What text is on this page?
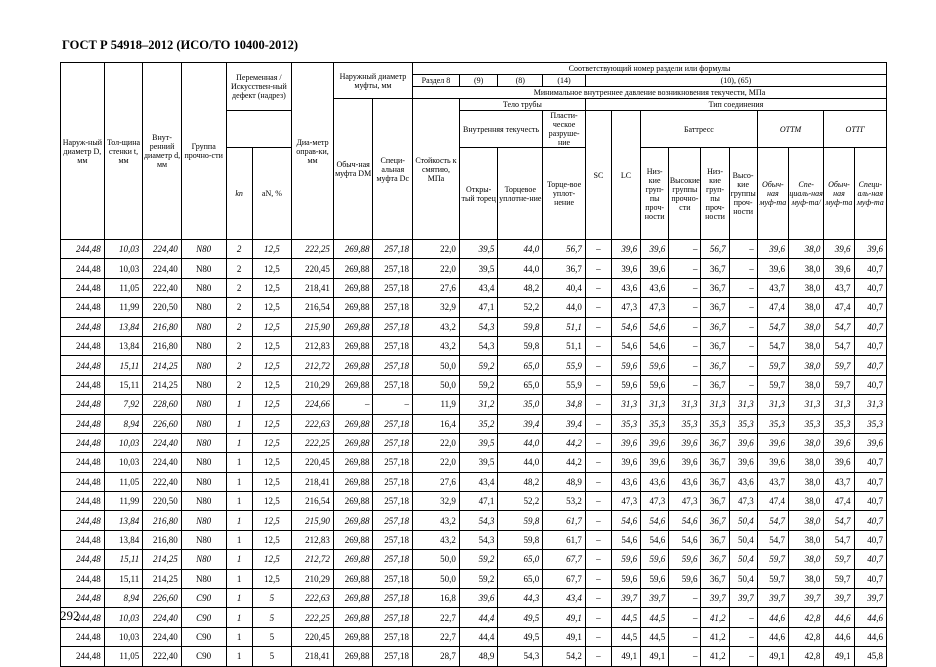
ГОСТ Р 54918–2012 (ИСО/ТО 10400-2012)
Наруж-ный диаметр D, мм	Тол-щина стенки t, мм	Внут-ренний диаметр d, мм	Группа прочно-сти	Переменная /Искусствен-ный дефект (надрез)		Диа-метр оправ-ки, мм	Наружный диаметр муфты, мм		Соответствующий номер раздели или формулы													
									Раздел 8	(9)	(8)	(14)	(10), (65)									
									Минимальное внутреннее давление возникновения текучести, МПа													
							Обыч-ная муфта DM	Специ-альная муфта Dc	Стойкость к смятию, МПа	Тело трубы			Тип соединения									
										Внутренняя текучесть		Пласти-ческое разруше-ние	SC	LC	Баттресс				ОТТМ		ОТТГ	
				kn	aN, %					Откры-тый торец	Торцевое уплотне-ние	Торце-вое уплот-нение			Низ-кие груп-пы проч-ности	Высокие группы прочно-сти	Низ-кие груп-пы проч-ности	Высо-кие группы проч-ности	Обыч-ная муф-та	Спе-циаль-ная муф-та/	Обыч-ная муф-та	Специ-аль-ная муф-та
244,48	10,03	224,40	N80	2	12,5	222,25	269,88	257,18	22,0	39,5	44,0	56,7	–	39,6	39,6	–	56,7	–	39,6	38,0	39,6	39,6
244,48	10,03	224,40	N80	2	12,5	220,45	269,88	257,18	22,0	39,5	44,0	36,7	–	39,6	39,6	–	36,7	–	39,6	38,0	39,6	40,7
244,48	11,05	222,40	N80	2	12,5	218,41	269,88	257,18	27,6	43,4	48,2	40,4	–	43,6	43,6	–	36,7	–	43,7	38,0	43,7	40,7
244,48	11,99	220,50	N80	2	12,5	216,54	269,88	257,18	32,9	47,1	52,2	44,0	–	47,3	47,3	–	36,7	–	47,4	38,0	47,4	40,7
244,48	13,84	216,80	N80	2	12,5	215,90	269,88	257,18	43,2	54,3	59,8	51,1	–	54,6	54,6	–	36,7	–	54,7	38,0	54,7	40,7
244,48	13,84	216,80	N80	2	12,5	212,83	269,88	257,18	43,2	54,3	59,8	51,1	–	54,6	54,6	–	36,7	–	54,7	38,0	54,7	40,7
244,48	15,11	214,25	N80	2	12,5	212,72	269,88	257,18	50,0	59,2	65,0	55,9	–	59,6	59,6	–	36,7	–	59,7	38,0	59,7	40,7
244,48	15,11	214,25	N80	2	12,5	210,29	269,88	257,18	50,0	59,2	65,0	55,9	–	59,6	59,6	–	36,7	–	59,7	38,0	59,7	40,7
244,48	7,92	228,60	N80	1	12,5	224,66	–	–	11,9	31,2	35,0	34,8	–	31,3	31,3	31,3	31,3	31,3	31,3	31,3	31,3	31,3
244,48	8,94	226,60	N80	1	12,5	222,63	269,88	257,18	16,4	35,2	39,4	39,4	–	35,3	35,3	35,3	35,3	35,3	35,3	35,3	35,3	35,3
244,48	10,03	224,40	N80	1	12,5	222,25	269,88	257,18	22,0	39,5	44,0	44,2	–	39,6	39,6	39,6	36,7	39,6	39,6	38,0	39,6	39,6
244,48	10,03	224,40	N80	1	12,5	220,45	269,88	257,18	22,0	39,5	44,0	44,2	–	39,6	39,6	39,6	36,7	39,6	39,6	38,0	39,6	40,7
244,48	11,05	222,40	N80	1	12,5	218,41	269,88	257,18	27,6	43,4	48,2	48,9	–	43,6	43,6	43,6	36,7	43,6	43,7	38,0	43,7	40,7
244,48	11,99	220,50	N80	1	12,5	216,54	269,88	257,18	32,9	47,1	52,2	53,2	–	47,3	47,3	47,3	36,7	47,3	47,4	38,0	47,4	40,7
244,48	13,84	216,80	N80	1	12,5	215,90	269,88	257,18	43,2	54,3	59,8	61,7	–	54,6	54,6	54,6	36,7	50,4	54,7	38,0	54,7	40,7
244,48	13,84	216,80	N80	1	12,5	212,83	269,88	257,18	43,2	54,3	59,8	61,7	–	54,6	54,6	54,6	36,7	50,4	54,7	38,0	54,7	40,7
244,48	15,11	214,25	N80	1	12,5	212,72	269,88	257,18	50,0	59,2	65,0	67,7	–	59,6	59,6	59,6	36,7	50,4	59,7	38,0	59,7	40,7
244,48	15,11	214,25	N80	1	12,5	210,29	269,88	257,18	50,0	59,2	65,0	67,7	–	59,6	59,6	59,6	36,7	50,4	59,7	38,0	59,7	40,7
244,48	8,94	226,60	C90	1	5	222,63	269,88	257,18	16,8	39,6	44,3	43,4	–	39,7	39,7	–	39,7	39,7	39,7	39,7	39,7	39,7
244,48	10,03	224,40	C90	1	5	222,25	269,88	257,18	22,7	44,4	49,5	49,1	–	44,5	44,5	–	41,2	–	44,6	42,8	44,6	44,6
244,48	10,03	224,40	C90	1	5	220,45	269,88	257,18	22,7	44,4	49,5	49,1	–	44,5	44,5	–	41,2	–	44,6	42,8	44,6	44,6
244,48	11,05	222,40	C90	1	5	218,41	269,88	257,18	28,7	48,9	54,3	54,2	–	49,1	49,1	–	41,2	–	49,1	42,8	49,1	45,8
292
